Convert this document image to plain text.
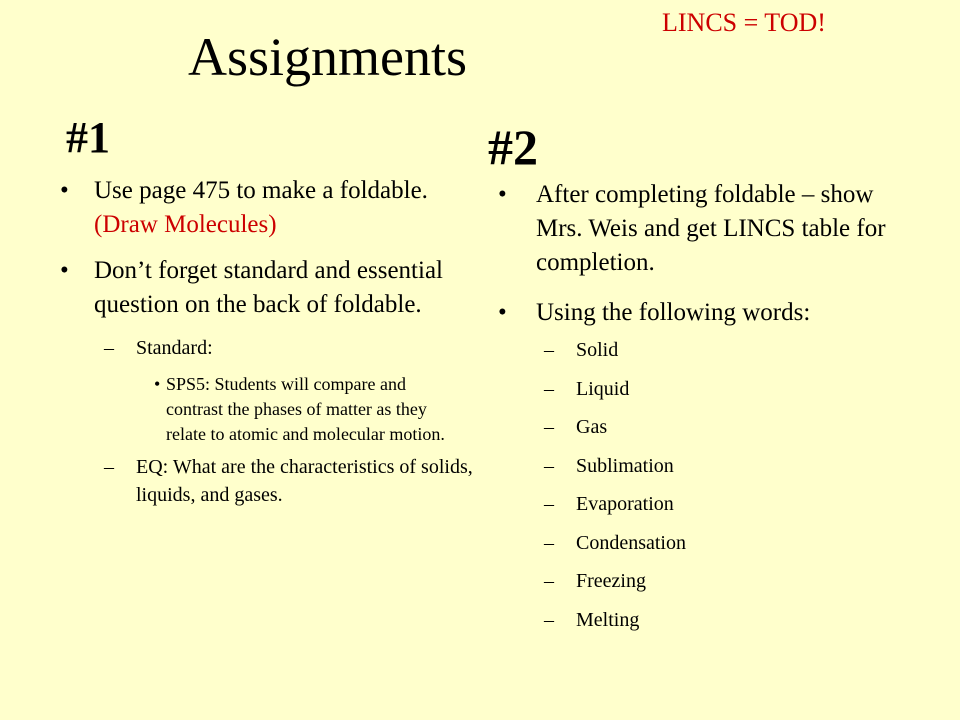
LINCS = TOD!
Assignments
#1	#2
• Use page 475 to make a foldable. (Draw Molecules)
• Don’t forget standard and essential question on the back of foldable.
– Standard:
• SPS5: Students will compare and contrast the phases of matter as they relate to atomic and molecular motion.
– EQ: What are the characteristics of solids, liquids, and gases.
• After completing foldable – show Mrs. Weis and get LINCS table for completion.
• Using the following words:
– Solid
– Liquid
– Gas
– Sublimation
– Evaporation
– Condensation
– Freezing
– Melting
